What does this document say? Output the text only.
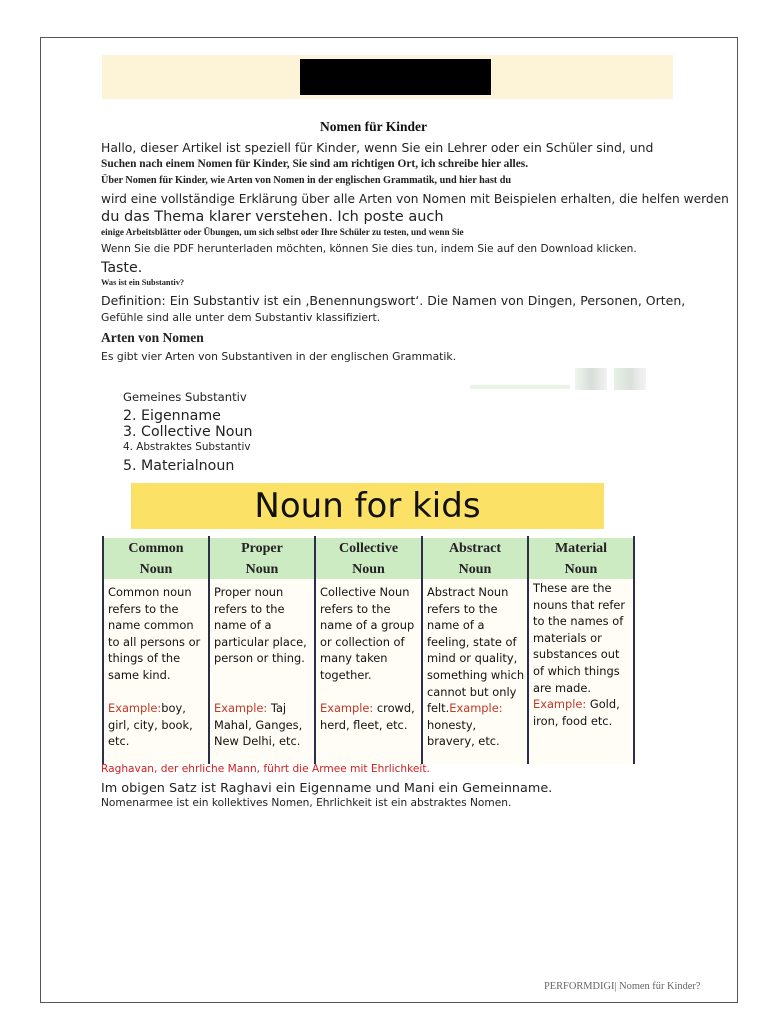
Nomen für Kinder
Hallo, dieser Artikel ist speziell für Kinder, wenn Sie ein Lehrer oder ein Schüler sind, und
Suchen nach einem Nomen für Kinder, Sie sind am richtigen Ort, ich schreibe hier alles.
Über Nomen für Kinder, wie Arten von Nomen in der englischen Grammatik, und hier hast du
wird eine vollständige Erklärung über alle Arten von Nomen mit Beispielen erhalten, die helfen werden
du das Thema klarer verstehen. Ich poste auch
einige Arbeitsblätter oder Übungen, um sich selbst oder Ihre Schüler zu testen, und wenn Sie
Wenn Sie die PDF herunterladen möchten, können Sie dies tun, indem Sie auf den Download klicken.
Taste.
Was ist ein Substantiv?
Definition: Ein Substantiv ist ein ‚Benennungswort‘. Die Namen von Dingen, Personen, Orten,
Gefühle sind alle unter dem Substantiv klassifiziert.
Arten von Nomen
Es gibt vier Arten von Substantiven in der englischen Grammatik.
Gemeines Substantiv
2. Eigenname
3. Collective Noun
4. Abstraktes Substantiv
5. Materialnoun
Noun for kids
Common
Noun
Common noun
refers to the
name common
to all persons or
things of the
same kind.

Example:boy,
girl, city, book,
etc.
Proper
Noun
Proper noun
refers to the
name of a
particular place,
person or thing.

Example: Taj
Mahal, Ganges,
New Delhi, etc.
Collective
Noun
Collective Noun
refers to the
name of a group
or collection of
many taken
together.

Example: crowd,
herd, fleet, etc.
Abstract
Noun
Abstract Noun
refers to the
name of a
feeling, state of
mind or quality,
something which
cannot but only
felt.Example:
honesty,
bravery, etc.
Material
Noun
These are the
nouns that refer
to the names of
materials or
substances out
of which things
are made.
Example: Gold,
iron, food etc.
Raghavan, der ehrliche Mann, führt die Armee mit Ehrlichkeit.
Im obigen Satz ist Raghavi ein Eigenname und Mani ein Gemeinname.
Nomenarmee ist ein kollektives Nomen, Ehrlichkeit ist ein abstraktes Nomen.
PERFORMDIGI| Nomen für Kinder?
